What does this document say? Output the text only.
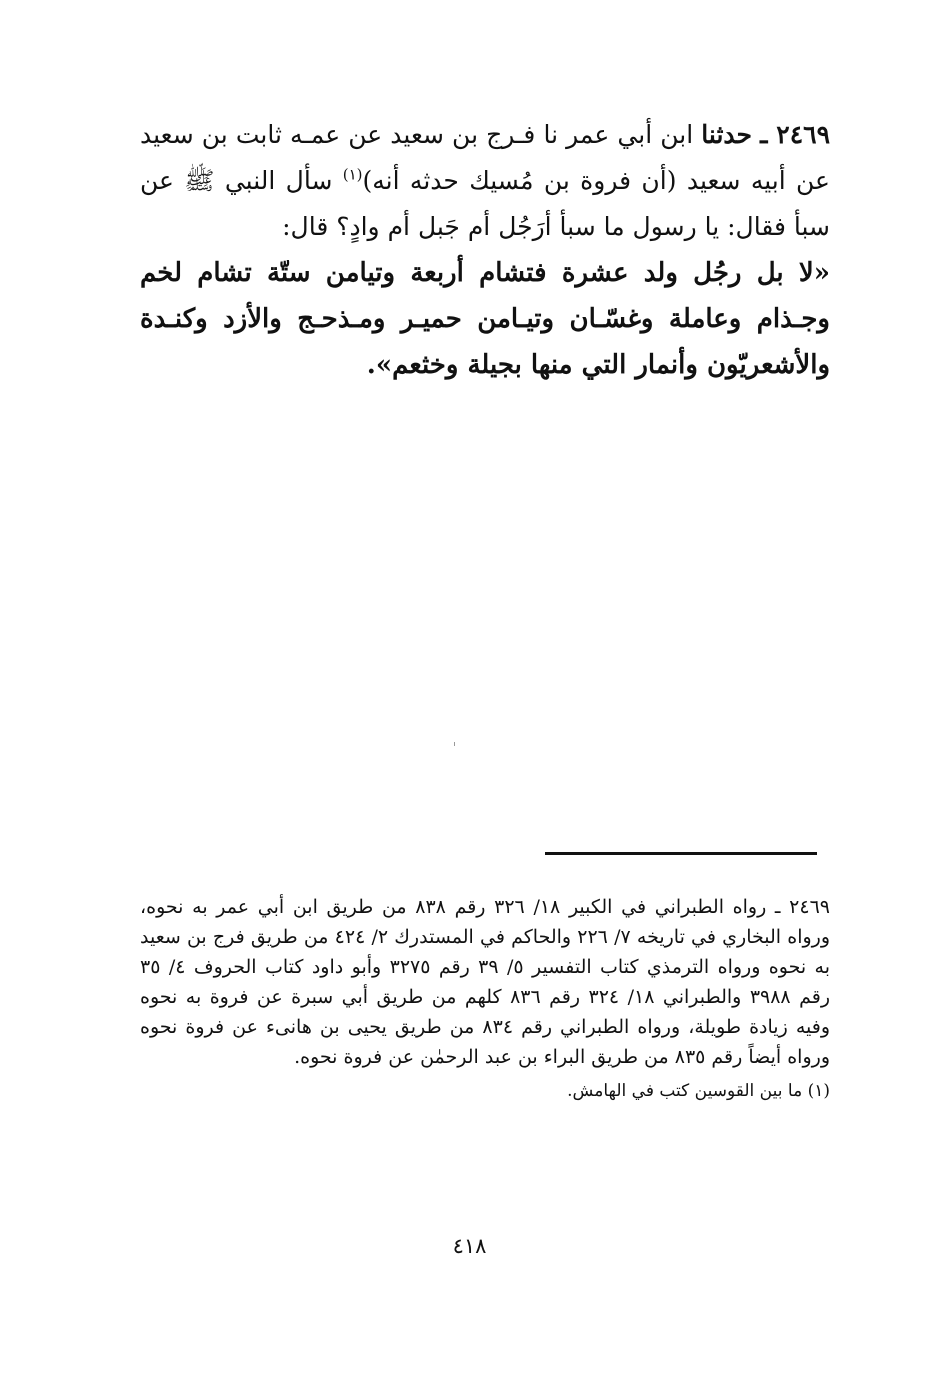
٢٤٦٩ ـ حدثنا ابن أبي عمر نا فـرج بن سعيد عن عمـه ثابت بن سعيد عن أبيه سعيد (أن فروة بن مُسيك حدثه أنه)$^{(١)}$ سأل النبي ﷺ عن سبأ فقال: يا رسول ما سبأ أرَجُل أم جَبل أم وادٍ؟ قال:

«لا بل رجُل ولد عشرة فتشام أربعة وتيامن ستّة تشام لخم وجـذام وعاملة وغسّـان وتيـامن حميـر ومـذحـج والأزد وكنـدة والأشعريّون وأنمار التي منها بجيلة وخثعم».

٢٤٦٩ ـ رواه الطبراني في الكبير ١٨/ ٣٢٦ رقم ٨٣٨ من طريق ابن أبي عمر به نحوه، ورواه البخاري في تاريخه ٧/ ٢٢٦ والحاكم في المستدرك ٢/ ٤٢٤ من طريق فرج بن سعيد به نحوه ورواه الترمذي كتاب التفسير ٥/ ٣٩ رقم ٣٢٧٥ وأبو داود كتاب الحروف ٤/ ٣٥ رقم ٣٩٨٨ والطبراني ١٨/ ٣٢٤ رقم ٨٣٦ كلهم من طريق أبي سبرة عن فروة به نحوه وفيه زيادة طويلة، ورواه الطبراني رقم ٨٣٤ من طريق يحيى بن هانىء عن فروة نحوه ورواه أيضاً رقم ٨٣٥ من طريق البراء بن عبد الرحمٰن عن فروة نحوه.

(١) ما بين القوسين كتب في الهامش.

٤١٨
